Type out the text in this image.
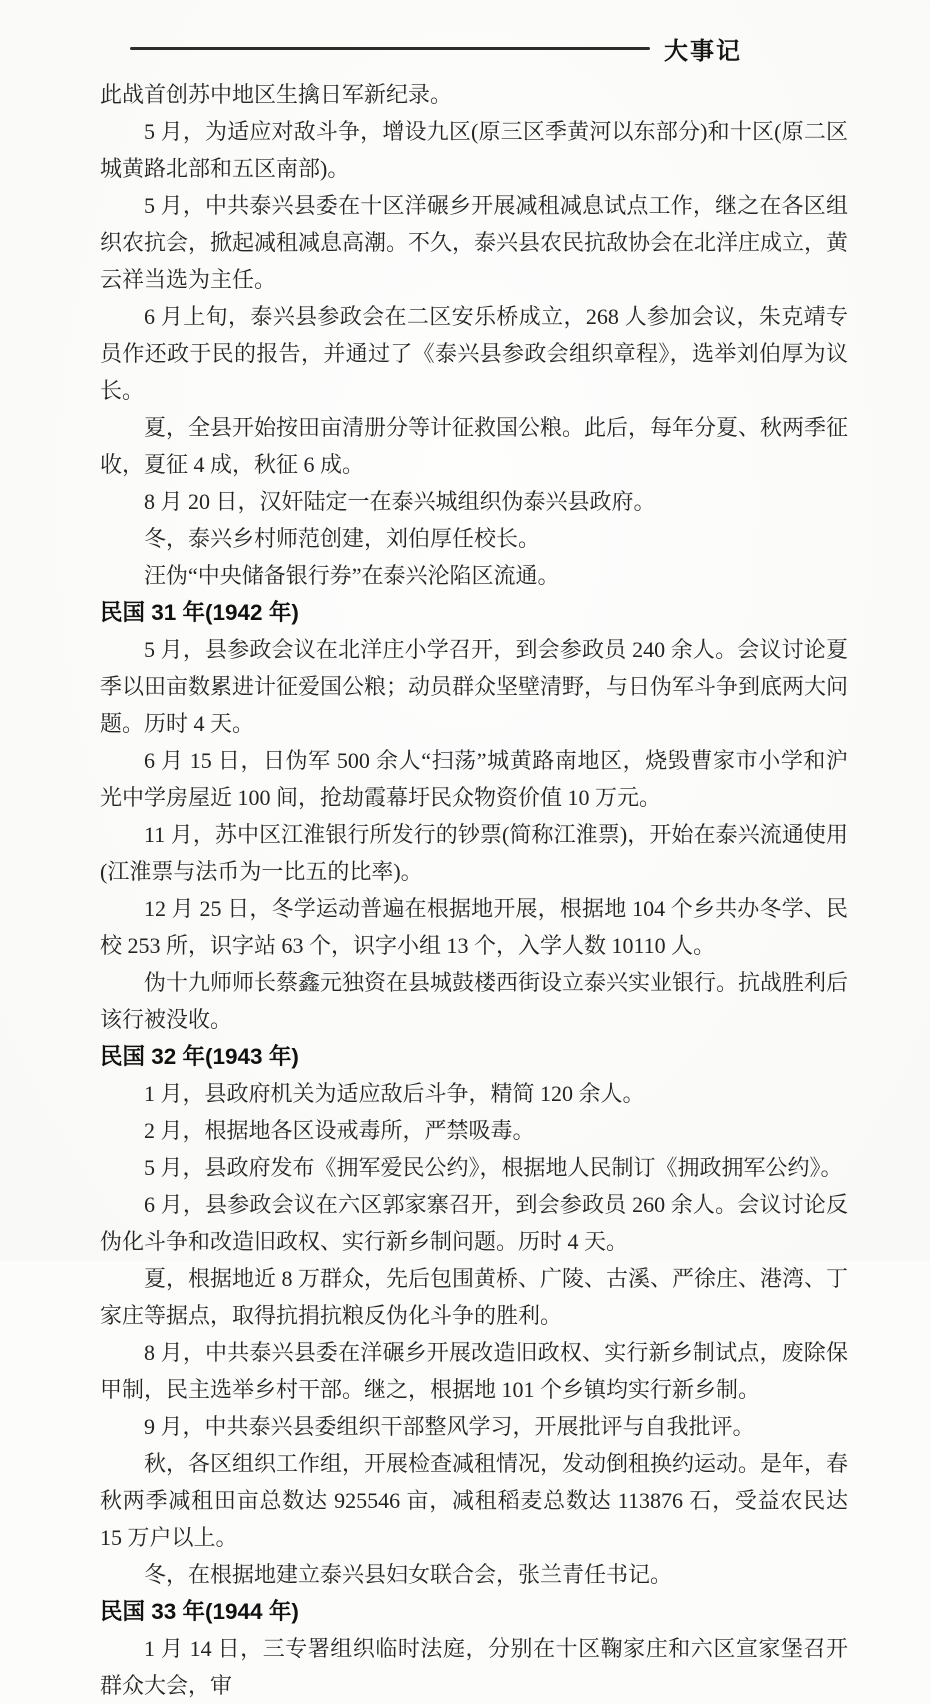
大事记

此战首创苏中地区生擒日军新纪录。

5 月，为适应对敌斗争，增设九区(原三区季黄河以东部分)和十区(原二区城黄路北部和五区南部)。

5 月，中共泰兴县委在十区洋碾乡开展减租减息试点工作，继之在各区组织农抗会，掀起减租减息高潮。不久，泰兴县农民抗敌协会在北洋庄成立，黄云祥当选为主任。

6 月上旬，泰兴县参政会在二区安乐桥成立，268 人参加会议，朱克靖专员作还政于民的报告，并通过了《泰兴县参政会组织章程》，选举刘伯厚为议长。

夏，全县开始按田亩清册分等计征救国公粮。此后，每年分夏、秋两季征收，夏征 4 成，秋征 6 成。

8 月 20 日，汉奸陆定一在泰兴城组织伪泰兴县政府。

冬，泰兴乡村师范创建，刘伯厚任校长。

汪伪“中央储备银行券”在泰兴沦陷区流通。

民国 31 年(1942 年)

5 月，县参政会议在北洋庄小学召开，到会参政员 240 余人。会议讨论夏季以田亩数累进计征爱国公粮；动员群众坚壁清野，与日伪军斗争到底两大问题。历时 4 天。

6 月 15 日，日伪军 500 余人“扫荡”城黄路南地区，烧毁曹家市小学和沪光中学房屋近 100 间，抢劫霞幕圩民众物资价值 10 万元。

11 月，苏中区江淮银行所发行的钞票(简称江淮票)，开始在泰兴流通使用(江淮票与法币为一比五的比率)。

12 月 25 日，冬学运动普遍在根据地开展，根据地 104 个乡共办冬学、民校 253 所，识字站 63 个，识字小组 13 个，入学人数 10110 人。

伪十九师师长蔡鑫元独资在县城鼓楼西街设立泰兴实业银行。抗战胜利后该行被没收。

民国 32 年(1943 年)

1 月，县政府机关为适应敌后斗争，精简 120 余人。

2 月，根据地各区设戒毒所，严禁吸毒。

5 月，县政府发布《拥军爱民公约》，根据地人民制订《拥政拥军公约》。

6 月，县参政会议在六区郭家寨召开，到会参政员 260 余人。会议讨论反伪化斗争和改造旧政权、实行新乡制问题。历时 4 天。

夏，根据地近 8 万群众，先后包围黄桥、广陵、古溪、严徐庄、港湾、丁家庄等据点，取得抗捐抗粮反伪化斗争的胜利。

8 月，中共泰兴县委在洋碾乡开展改造旧政权、实行新乡制试点，废除保甲制，民主选举乡村干部。继之，根据地 101 个乡镇均实行新乡制。

9 月，中共泰兴县委组织干部整风学习，开展批评与自我批评。

秋，各区组织工作组，开展检查减租情况，发动倒租换约运动。是年，春秋两季减租田亩总数达 925546 亩，减租稻麦总数达 113876 石，受益农民达 15 万户以上。

冬，在根据地建立泰兴县妇女联合会，张兰青任书记。

民国 33 年(1944 年)

1 月 14 日，三专署组织临时法庭，分别在十区鞠家庄和六区宣家堡召开群众大会，审
